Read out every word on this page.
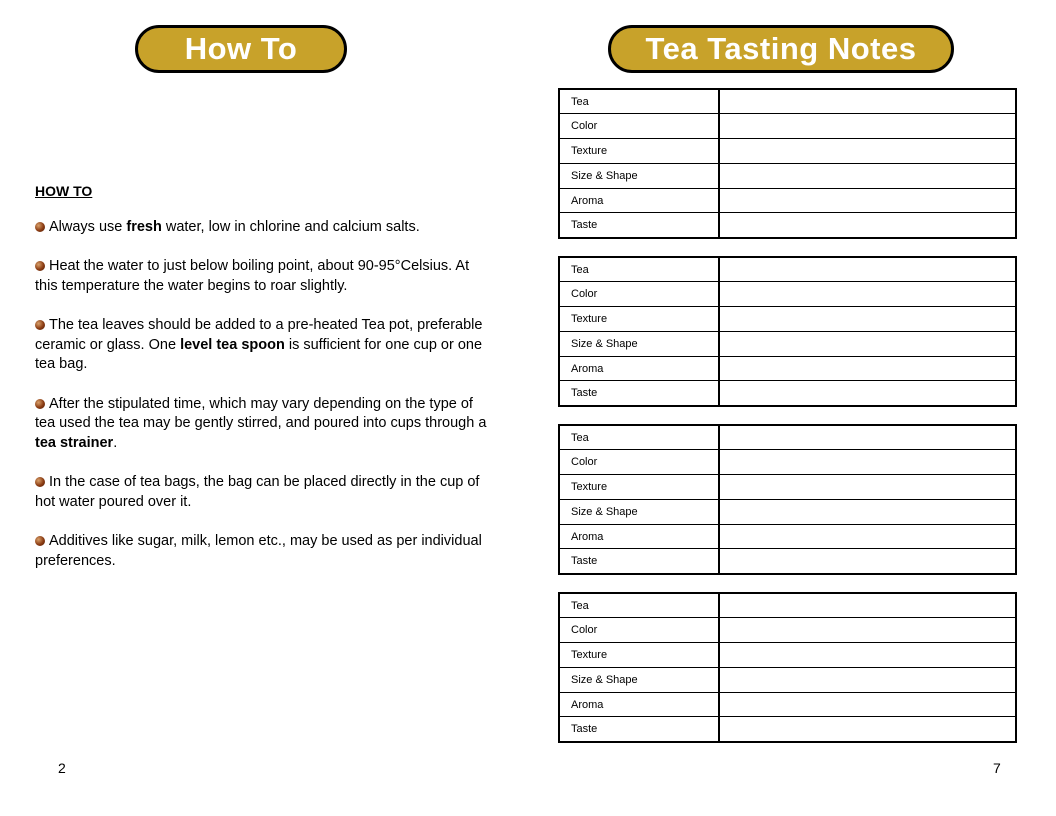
How To	Tea Tasting Notes
HOW TO

Always use fresh water, low in chlorine and calcium salts.

Heat the water to just below boiling point, about 90-95°Celsius. At this temperature the water begins to roar slightly.

The tea leaves should be added to a pre-heated Tea pot, preferable ceramic or glass. One level tea spoon is sufficient for one cup or one tea bag.

After the stipulated time, which may vary depending on the type of tea used the tea may be gently stirred, and poured into cups through a tea strainer.

In the case of tea bags, the bag can be placed directly in the cup of hot water poured over it.

Additives like sugar, milk, lemon etc., may be used as per individual preferences.

Tea	
Color	
Texture	
Size & Shape	
Aroma	
Taste	
Tea	
Color	
Texture	
Size & Shape	
Aroma	
Taste	
Tea	
Color	
Texture	
Size & Shape	
Aroma	
Taste	
Tea	
Color	
Texture	
Size & Shape	
Aroma	
Taste	
2	7
